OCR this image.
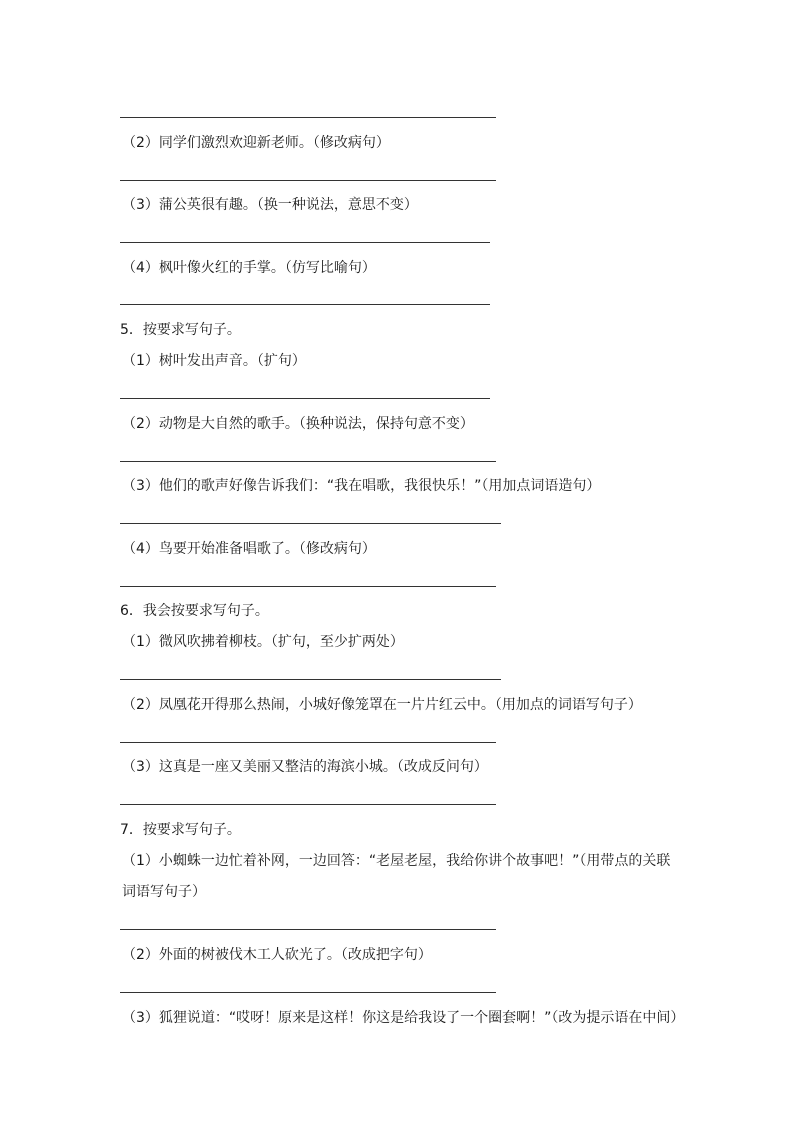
（2）同学们激烈欢迎新老师。（修改病句）
（3）蒲公英很有趣。（换一种说法，意思不变）
（4）枫叶像火红的手掌。（仿写比喻句）
5．按要求写句子。
（1）树叶发出声音。（扩句）
（2）动物是大自然的歌手。（换种说法，保持句意不变）
（3）他们的歌声好像告诉我们：“我在唱歌，我很快乐！”（用加点词语造句）
（4）鸟要开始准备唱歌了。（修改病句）
6．我会按要求写句子。
（1）微风吹拂着柳枝。（扩句，至少扩两处）
（2）凤凰花开得那么热闹，小城好像笼罩在一片片红云中。（用加点的词语写句子）
（3）这真是一座又美丽又整洁的海滨小城。（改成反问句）
7．按要求写句子。
（1）小蜘蛛一边忙着补网，一边回答：“老屋老屋，我给你讲个故事吧！”（用带点的关联词语写句子）
（2）外面的树被伐木工人砍光了。（改成把字句）
（3）狐狸说道：“哎呀！原来是这样！你这是给我设了一个圈套啊！”（改为提示语在中间）
